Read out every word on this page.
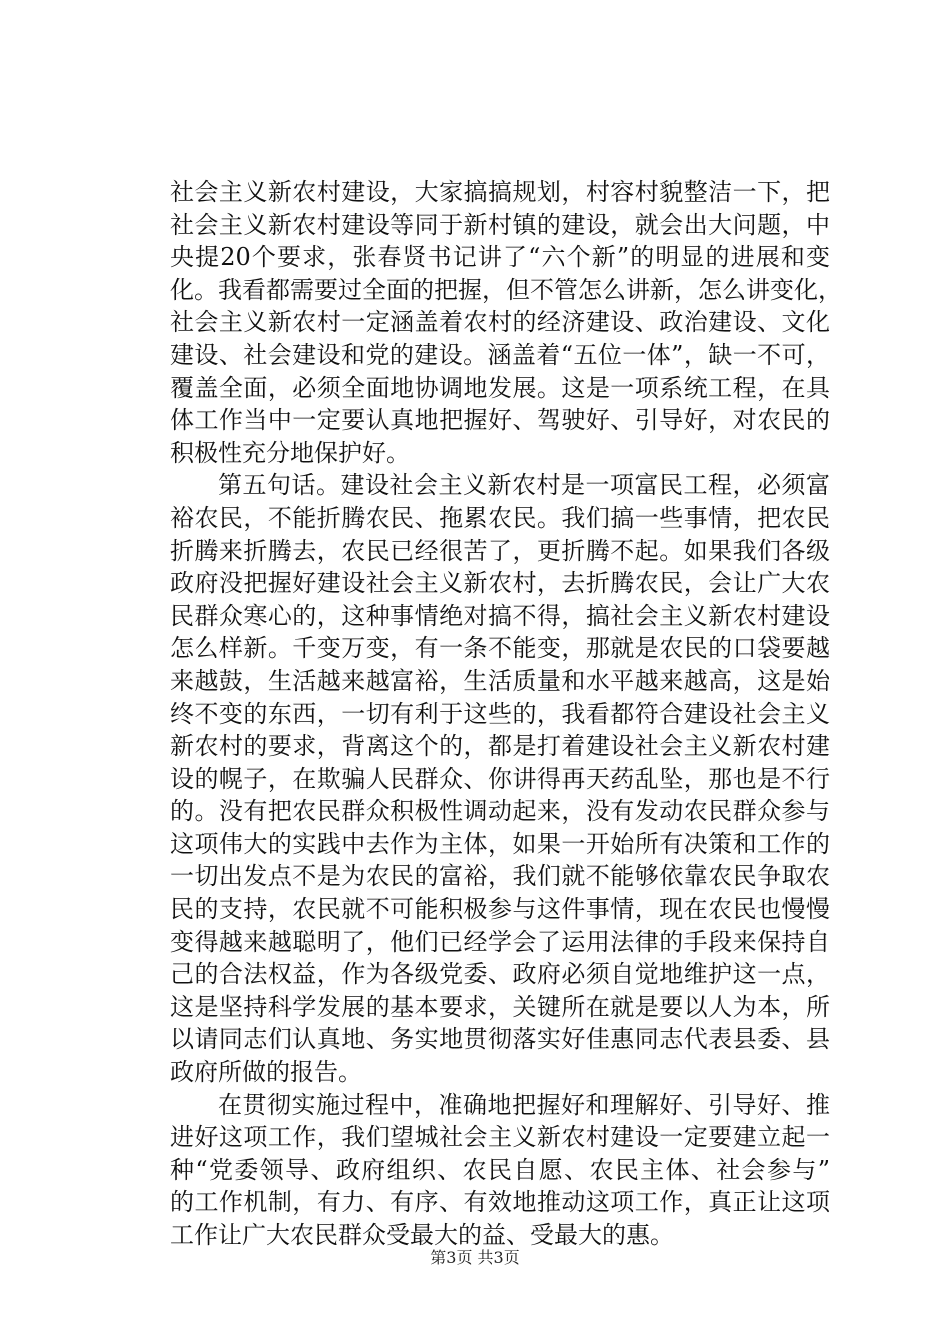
社会主义新农村建设，大家搞搞规划，村容村貌整洁一下，把
社会主义新农村建设等同于新村镇的建设，就会出大问题，中
央提20个要求，张春贤书记讲了“六个新”的明显的进展和变
化。我看都需要过全面的把握，但不管怎么讲新，怎么讲变化，
社会主义新农村一定涵盖着农村的经济建设、政治建设、文化
建设、社会建设和党的建设。涵盖着“五位一体”，缺一不可，
覆盖全面，必须全面地协调地发展。这是一项系统工程，在具
体工作当中一定要认真地把握好、驾驶好、引导好，对农民的
积极性充分地保护好。
第五句话。建设社会主义新农村是一项富民工程，必须富
裕农民，不能折腾农民、拖累农民。我们搞一些事情，把农民
折腾来折腾去，农民已经很苦了，更折腾不起。如果我们各级
政府没把握好建设社会主义新农村，去折腾农民，会让广大农
民群众寒心的，这种事情绝对搞不得，搞社会主义新农村建设
怎么样新。千变万变，有一条不能变，那就是农民的口袋要越
来越鼓，生活越来越富裕，生活质量和水平越来越高，这是始
终不变的东西，一切有利于这些的，我看都符合建设社会主义
新农村的要求，背离这个的，都是打着建设社会主义新农村建
设的幌子，在欺骗人民群众、你讲得再天药乱坠，那也是不行
的。没有把农民群众积极性调动起来，没有发动农民群众参与
这项伟大的实践中去作为主体，如果一开始所有决策和工作的
一切出发点不是为农民的富裕，我们就不能够依靠农民争取农
民的支持，农民就不可能积极参与这件事情，现在农民也慢慢
变得越来越聪明了，他们已经学会了运用法律的手段来保持自
己的合法权益，作为各级党委、政府必须自觉地维护这一点，
这是坚持科学发展的基本要求，关键所在就是要以人为本，所
以请同志们认真地、务实地贯彻落实好佳惠同志代表县委、县
政府所做的报告。
在贯彻实施过程中，准确地把握好和理解好、引导好、推
进好这项工作，我们望城社会主义新农村建设一定要建立起一
种“党委领导、政府组织、农民自愿、农民主体、社会参与”
的工作机制，有力、有序、有效地推动这项工作，真正让这项
工作让广大农民群众受最大的益、受最大的惠。
第3页 共3页
